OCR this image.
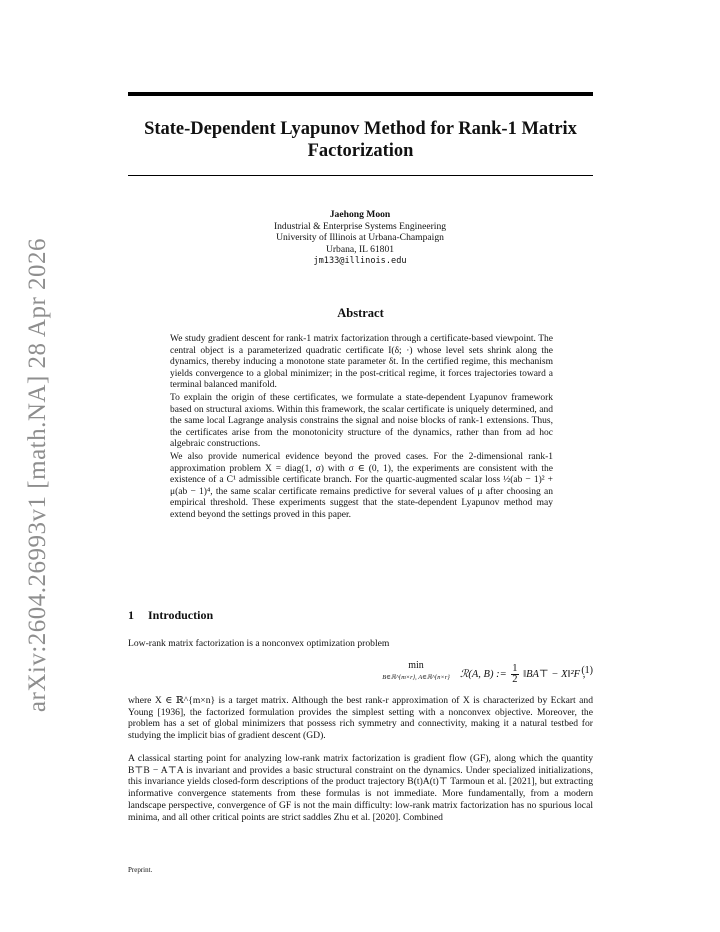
arXiv:2604.26993v1 [math.NA] 28 Apr 2026
State-Dependent Lyapunov Method for Rank-1 Matrix Factorization
Jaehong Moon
Industrial & Enterprise Systems Engineering
University of Illinois at Urbana-Champaign
Urbana, IL 61801
jm133@illinois.edu
Abstract

We study gradient descent for rank-1 matrix factorization through a certificate-based viewpoint. The central object is a parameterized quadratic certificate I(δ; ·) whose level sets shrink along the dynamics, thereby inducing a monotone state parameter δt. In the certified regime, this mechanism yields convergence to a global minimizer; in the post-critical regime, it forces trajectories toward a terminal balanced manifold.

To explain the origin of these certificates, we formulate a state-dependent Lyapunov framework based on structural axioms. Within this framework, the scalar certificate is uniquely determined, and the same local Lagrange analysis constrains the signal and noise blocks of rank-1 extensions. Thus, the certificates arise from the monotonicity structure of the dynamics, rather than from ad hoc algebraic constructions.

We also provide numerical evidence beyond the proved cases. For the 2-dimensional rank-1 approximation problem X = diag(1, σ) with σ ∈ (0, 1), the experiments are consistent with the existence of a C¹ admissible certificate branch. For the quartic-augmented scalar loss ½(ab − 1)² + μ(ab − 1)⁴, the same scalar certificate remains predictive for several values of μ after choosing an empirical threshold. These experiments suggest that the state-dependent Lyapunov method may extend beyond the settings proved in this paper.

1 Introduction

Low-rank matrix factorization is a nonconvex optimization problem

min
B∈ℝ^{m×r}, A∈ℝ^{n×r} ℛ(A, B) := $\frac{1}{2}$ ‖BA⊤ − X‖²F ,
(1)

where X ∈ ℝ^{m×n} is a target matrix. Although the best rank-r approximation of X is characterized by Eckart and Young [1936], the factorized formulation provides the simplest setting with a nonconvex objective. Moreover, the problem has a set of global minimizers that possess rich symmetry and connectivity, making it a natural testbed for studying the implicit bias of gradient descent (GD).

A classical starting point for analyzing low-rank matrix factorization is gradient flow (GF), along which the quantity B⊤B − A⊤A is invariant and provides a basic structural constraint on the dynamics. Under specialized initializations, this invariance yields closed-form descriptions of the product trajectory B(t)A(t)⊤ Tarmoun et al. [2021], but extracting informative convergence statements from these formulas is not immediate. More fundamentally, from a modern landscape perspective, convergence of GF is not the main difficulty: low-rank matrix factorization has no spurious local minima, and all other critical points are strict saddles Zhu et al. [2020]. Combined

Preprint.
